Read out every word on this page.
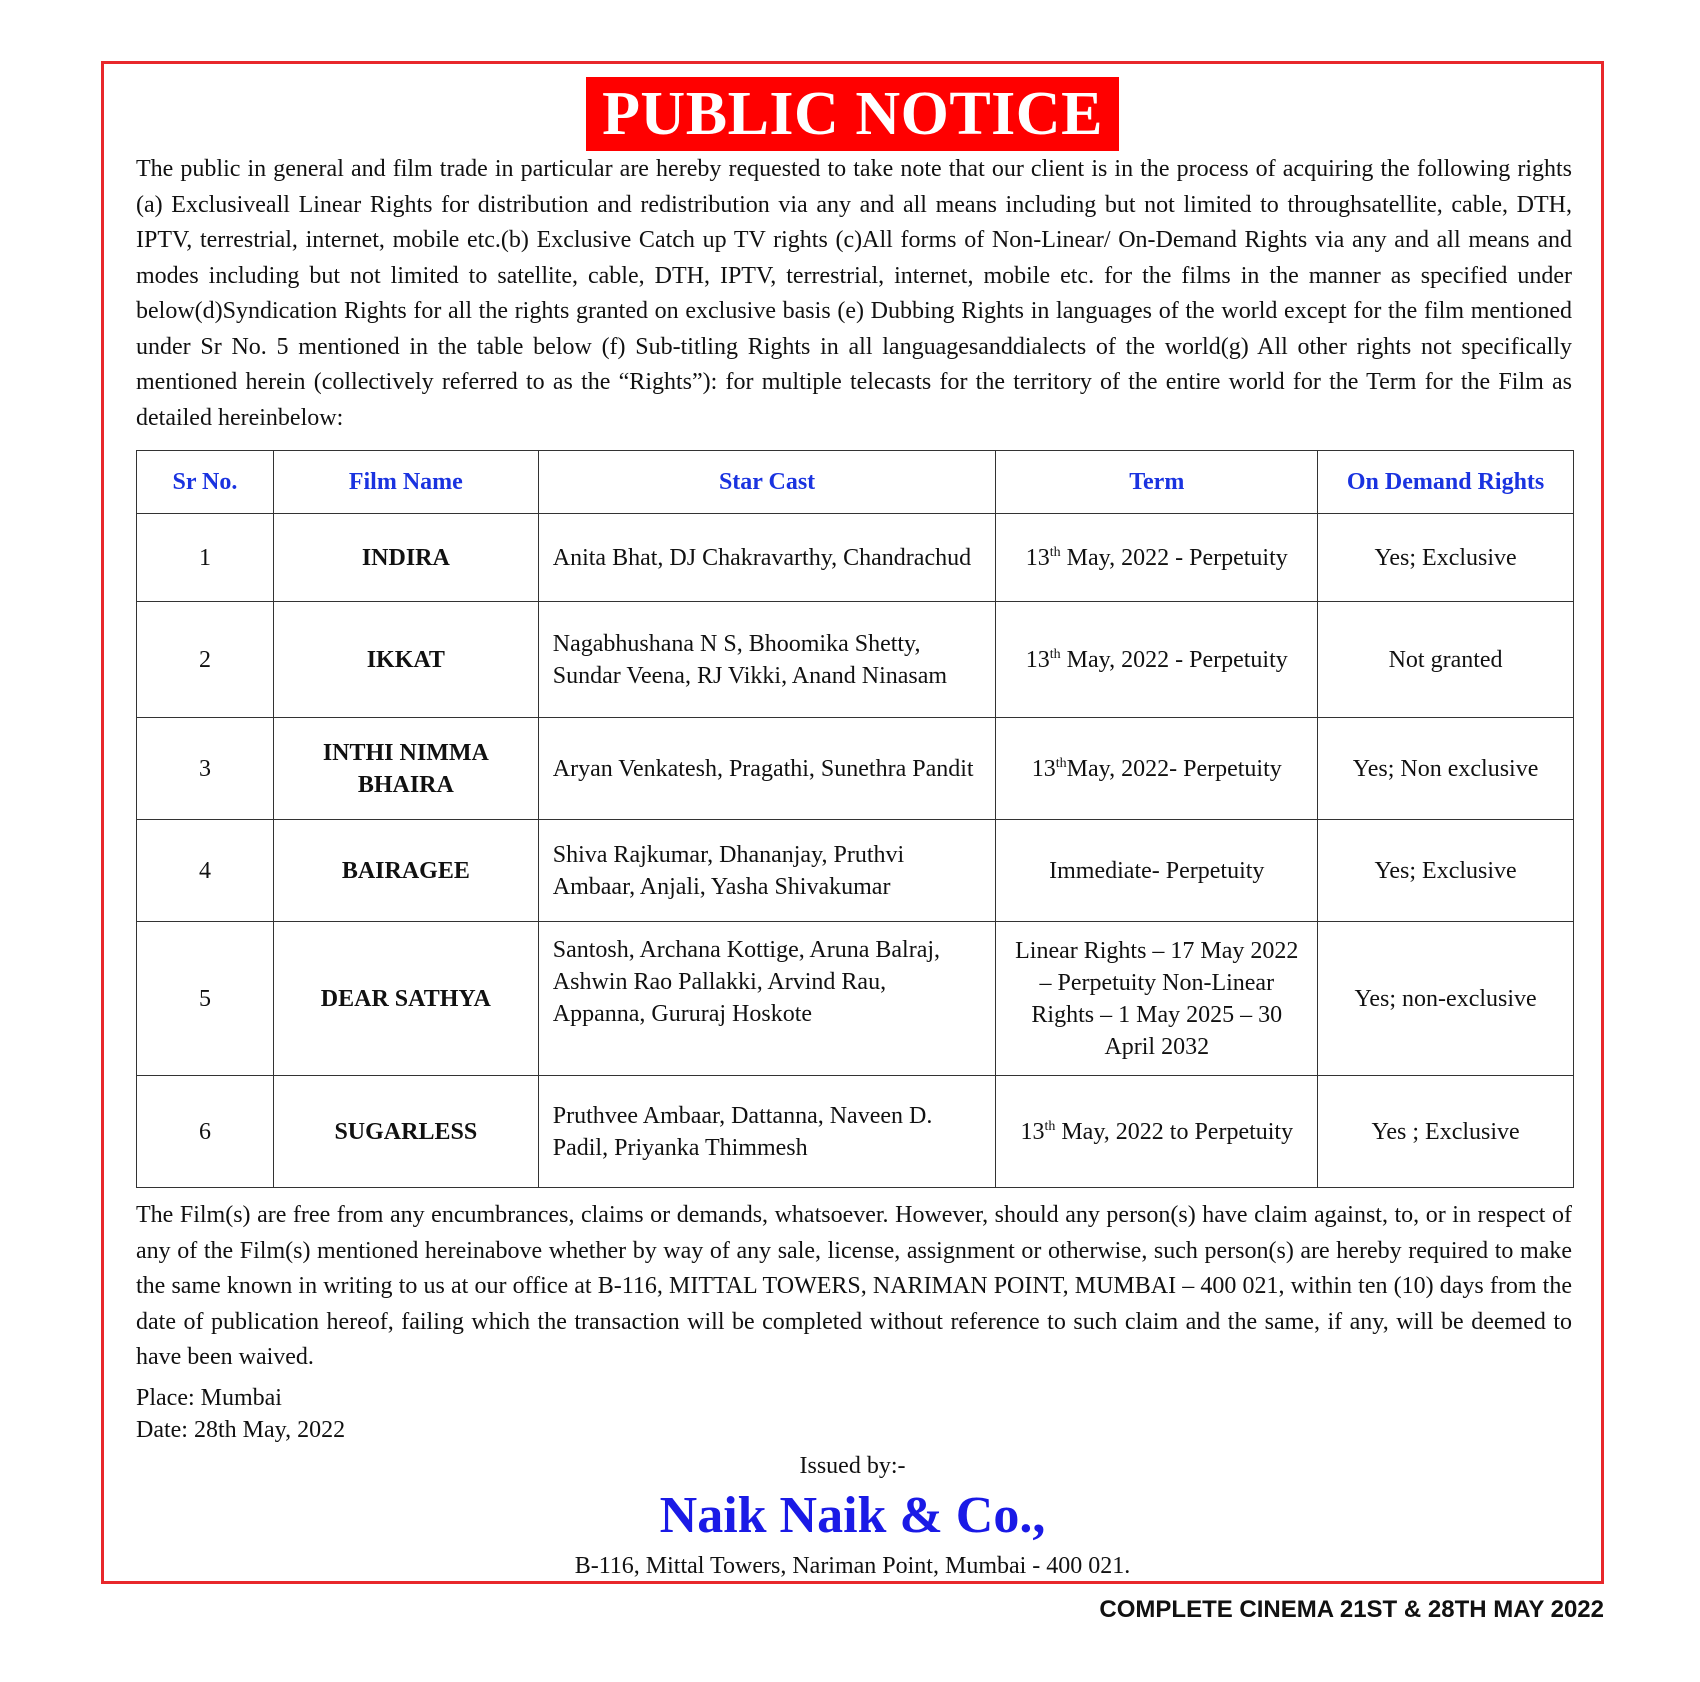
PUBLIC NOTICE

The public in general and film trade in particular are hereby requested to take note that our client is in the process of acquiring the following rights (a) Exclusiveall Linear Rights for distribution and redistribution via any and all means including but not limited to throughsatellite, cable, DTH, IPTV, terrestrial, internet, mobile etc.(b) Exclusive Catch up TV rights (c)All forms of Non-Linear/ On-Demand Rights via any and all means and modes including but not limited to satellite, cable, DTH, IPTV, terrestrial, internet, mobile etc. for the films in the manner as specified under below(d)Syndication Rights for all the rights granted on exclusive basis (e) Dubbing Rights in languages of the world except for the film mentioned under Sr No. 5 mentioned in the table below (f) Sub-titling Rights in all languagesanddialects of the world(g) All other rights not specifically mentioned herein (collectively referred to as the “Rights”): for multiple telecasts for the territory of the entire world for the Term for the Film as detailed hereinbelow:

Sr No.	Film Name	Star Cast	Term	On Demand Rights
1	INDIRA	Anita Bhat, DJ Chakravarthy, Chandrachud	13th May, 2022 - Perpetuity	Yes; Exclusive
2	IKKAT	Nagabhushana N S, Bhoomika Shetty, Sundar Veena, RJ Vikki, Anand Ninasam	13th May, 2022 - Perpetuity	Not granted
3	INTHI NIMMA BHAIRA	Aryan Venkatesh, Pragathi, Sunethra Pandit	13thMay, 2022- Perpetuity	Yes; Non exclusive
4	BAIRAGEE	Shiva Rajkumar, Dhananjay, Pruthvi Ambaar, Anjali, Yasha Shivakumar	Immediate- Perpetuity	Yes; Exclusive
5	DEAR SATHYA	Santosh, Archana Kottige, Aruna Balraj, Ashwin Rao Pallakki, Arvind Rau, Appanna, Gururaj Hoskote	Linear Rights – 17 May 2022 – Perpetuity Non-Linear Rights – 1 May 2025 – 30 April 2032	Yes; non-exclusive
6	SUGARLESS	Pruthvee Ambaar, Dattanna, Naveen D. Padil, Priyanka Thimmesh	13th May, 2022 to Perpetuity	Yes ; Exclusive

The Film(s) are free from any encumbrances, claims or demands, whatsoever. However, should any person(s) have claim against, to, or in respect of any of the Film(s) mentioned hereinabove whether by way of any sale, license, assignment or otherwise, such person(s) are hereby required to make the same known in writing to us at our office at B-116, MITTAL TOWERS, NARIMAN POINT, MUMBAI – 400 021, within ten (10) days from the date of publication hereof, failing which the transaction will be completed without reference to such claim and the same, if any, will be deemed to have been waived.

Place: Mumbai
Date: 28th May, 2022
Issued by:-
Naik Naik & Co.,
B-116, Mittal Towers, Nariman Point, Mumbai - 400 021.
COMPLETE CINEMA 21ST & 28TH MAY 2022
